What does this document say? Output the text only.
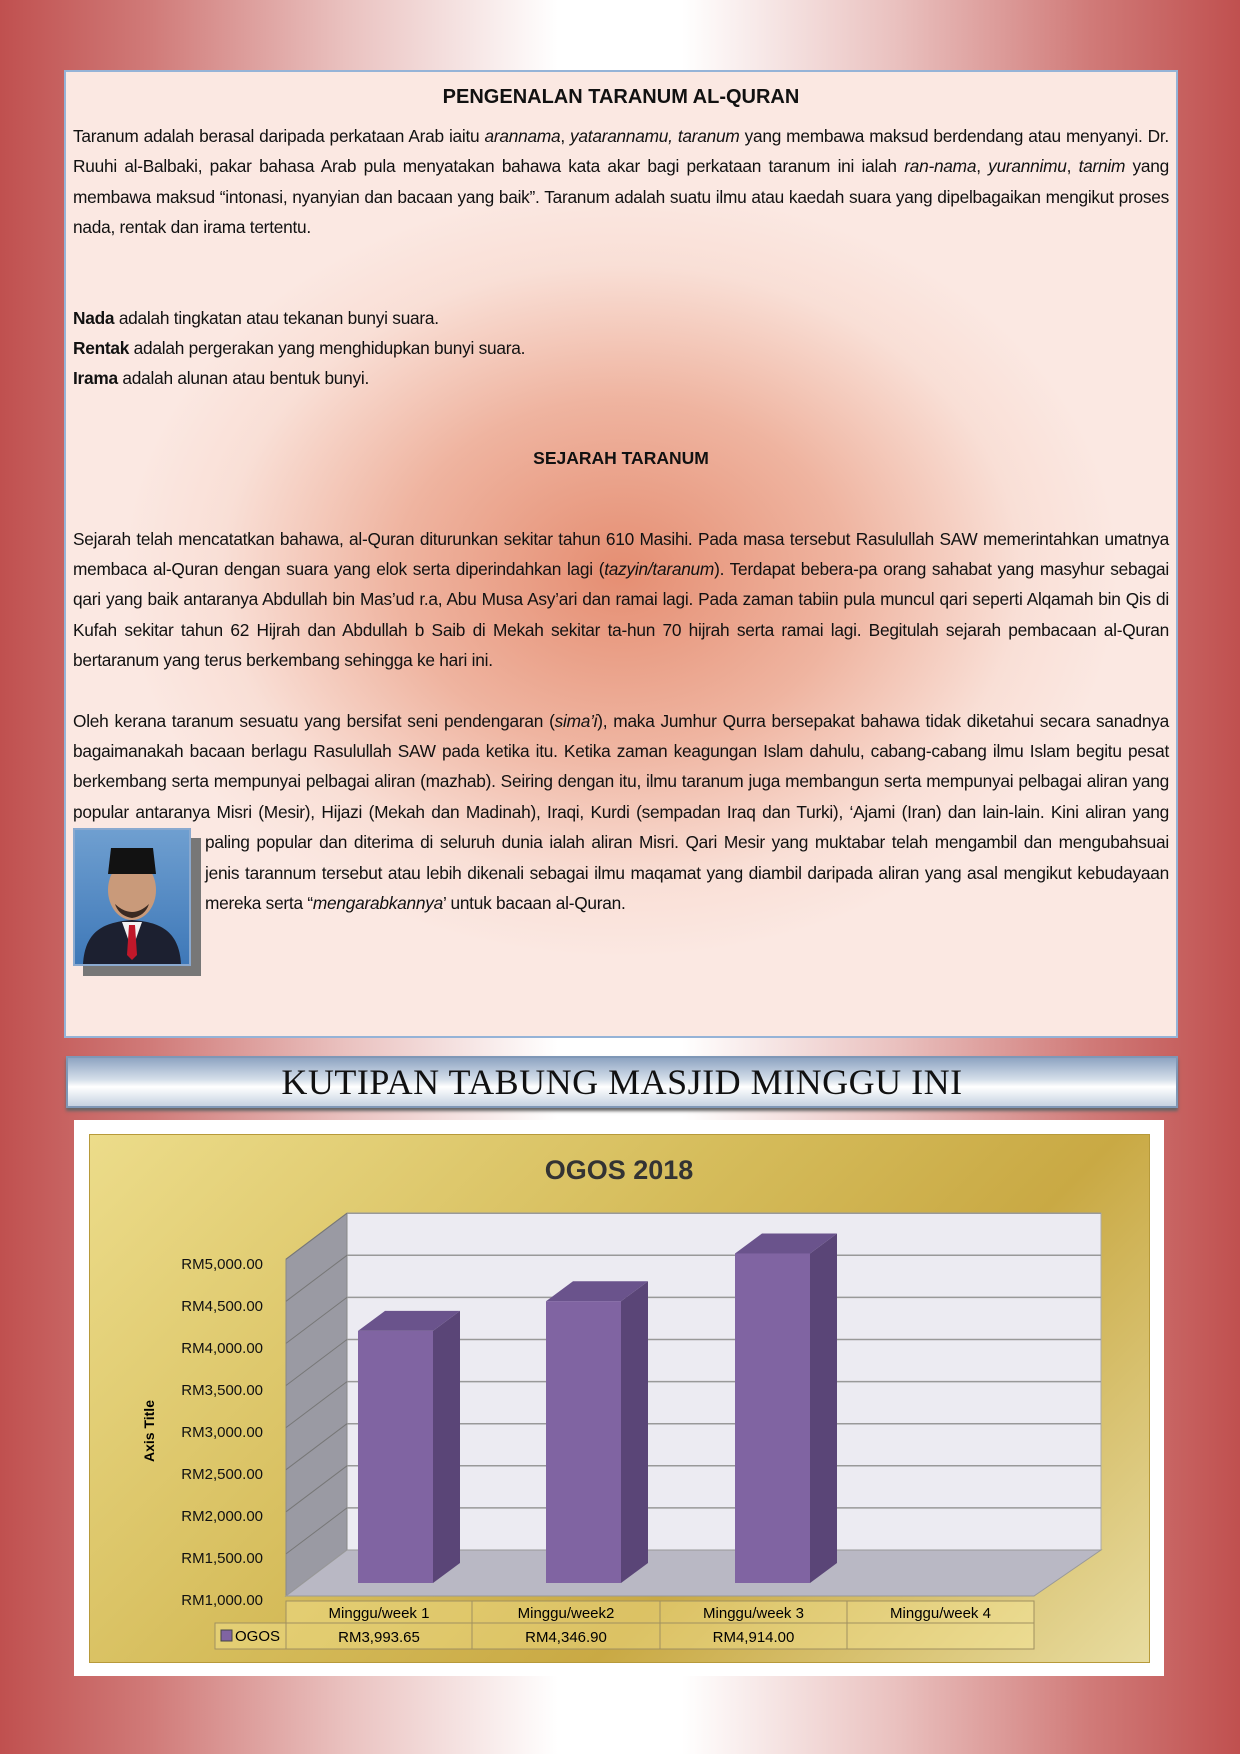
PENGENALAN TARANUM AL-QURAN

Taranum adalah berasal daripada perkataan Arab iaitu arannama, yatarannamu, taranum yang membawa maksud berdendang atau menyanyi. Dr. Ruuhi al-Balbaki, pakar bahasa Arab pula menyatakan bahawa kata akar bagi perkataan taranum ini ialah ran-nama, yurannimu, tarnim yang membawa maksud “intonasi, nyanyian dan bacaan yang baik”. Taranum adalah suatu ilmu atau kaedah suara yang dipelbagaikan mengikut proses nada, rentak dan irama tertentu.

Nada adalah tingkatan atau tekanan bunyi suara.

Rentak adalah pergerakan yang menghidupkan bunyi suara.

Irama adalah alunan atau bentuk bunyi.

SEJARAH TARANUM

Sejarah telah mencatatkan bahawa, al-Quran diturunkan sekitar tahun 610 Masihi. Pada masa tersebut Rasulullah SAW memerintahkan umatnya membaca al-Quran dengan suara yang elok serta diperindahkan lagi (tazyin/taranum). Terdapat bebera-pa orang sahabat yang masyhur sebagai qari yang baik antaranya Abdullah bin Mas’ud r.a, Abu Musa Asy’ari dan ramai lagi. Pada zaman tabiin pula muncul qari seperti Alqamah bin Qis di Kufah sekitar tahun 62 Hijrah dan Abdullah b Saib di Mekah sekitar ta-hun 70 hijrah serta ramai lagi. Begitulah sejarah pembacaan al-Quran bertaranum yang terus berkembang sehingga ke hari ini.

Oleh kerana taranum sesuatu yang bersifat seni pendengaran (sima’i), maka Jumhur Qurra bersepakat bahawa tidak diketahui secara sanadnya bagaimanakah bacaan berlagu Rasulullah SAW pada ketika itu. Ketika zaman keagungan Islam dahulu, cabang-cabang ilmu Islam begitu pesat berkembang serta mempunyai pelbagai aliran (mazhab). Seiring dengan itu, ilmu taranum juga membangun serta mempunyai pelbagai aliran yang popular antaranya Misri (Mesir), Hijazi (Mekah dan Madinah), Iraqi, Kurdi (sempadan Iraq dan Turki), ‘Ajami (Iran) dan lain-lain. Kini aliran yang paling popular dan diterima di seluruh dunia ialah aliran Misri. Qari Mesir yang muktabar telah mengambil dan mengubahsuai jenis tarannum tersebut atau lebih dikenali sebagai ilmu maqamat yang diambil daripada aliran yang asal mengikut kebudayaan mereka serta “mengarabkannya’ untuk bacaan al-Quran.

KUTIPAN TABUNG MASJID MINGGU INI
OGOS 2018
RM1,000.00
RM1,500.00
RM2,000.00
RM2,500.00
RM3,000.00
RM3,500.00
RM4,000.00
RM4,500.00
RM5,000.00
Axis Title
Minggu/week 1
RM3,993.65
Minggu/week2
RM4,346.90
Minggu/week 3
RM4,914.00
Minggu/week 4
OGOS
